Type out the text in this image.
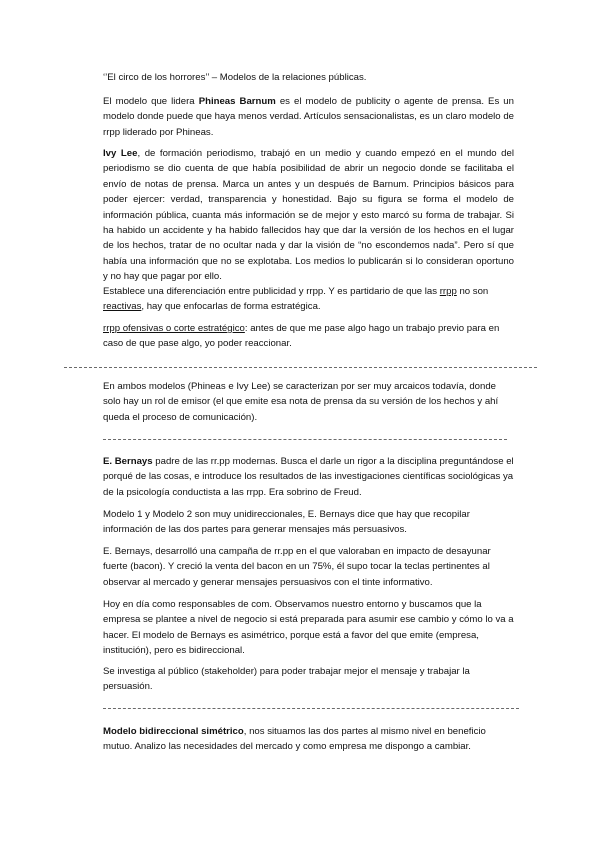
‘’El circo de los horrores’’ – Modelos de la relaciones públicas.

El modelo que lidera Phineas Barnum es el modelo de publicity o agente de prensa. Es un modelo donde puede que haya menos verdad. Artículos sensacionalistas, es un claro modelo de rrpp liderado por Phineas.

Ivy Lee, de formación periodismo, trabajó en un medio y cuando empezó en el mundo del periodismo se dio cuenta de que había posibilidad de abrir un negocio donde se facilitaba el envío de notas de prensa. Marca un antes y un después de Barnum. Principios básicos para poder ejercer: verdad, transparencia y honestidad. Bajo su figura se forma el modelo de información pública, cuanta más información se de mejor y esto marcó su forma de trabajar. Si ha habido un accidente y ha habido fallecidos hay que dar la versión de los hechos en el lugar de los hechos, tratar de no ocultar nada y dar la visión de “no escondemos nada”. Pero sí que había una información que no se explotaba. Los medios lo publicarán si lo consideran oportuno y no hay que pagar por ello.

Establece una diferenciación entre publicidad y rrpp. Y es partidario de que las rrpp no son reactivas, hay que enfocarlas de forma estratégica.

rrpp ofensivas o corte estratégico: antes de que me pase algo hago un trabajo previo para en caso de que pase algo, yo poder reaccionar.

En ambos modelos (Phineas e Ivy Lee) se caracterizan por ser muy arcaicos todavía, donde solo hay un rol de emisor (el que emite esa nota de prensa da su versión de los hechos y ahí queda el proceso de comunicación).

E. Bernays padre de las rr.pp modernas. Busca el darle un rigor a la disciplina preguntándose el porqué de las cosas, e introduce los resultados de las investigaciones científicas sociológicas ya de la psicología conductista a las rrpp. Era sobrino de Freud.

Modelo 1 y Modelo 2 son muy unidireccionales, E. Bernays dice que hay que recopilar información de las dos partes para generar mensajes más persuasivos.

E. Bernays, desarrolló una campaña de rr.pp en el que valoraban en impacto de desayunar fuerte (bacon). Y creció la venta del bacon en un 75%, él supo tocar la teclas pertinentes al observar al mercado y generar mensajes persuasivos con el tinte informativo.

Hoy en día como responsables de com. Observamos nuestro entorno y buscamos que la empresa se plantee a nivel de negocio si está preparada para asumir ese cambio y cómo lo va a hacer. El modelo de Bernays es asimétrico, porque está a favor del que emite (empresa, institución), pero es bidireccional.

Se investiga al público (stakeholder) para poder trabajar mejor el mensaje y trabajar la persuasión.

Modelo bidireccional simétrico, nos situamos las dos partes al mismo nivel en beneficio mutuo. Analizo las necesidades del mercado y como empresa me dispongo a cambiar.
